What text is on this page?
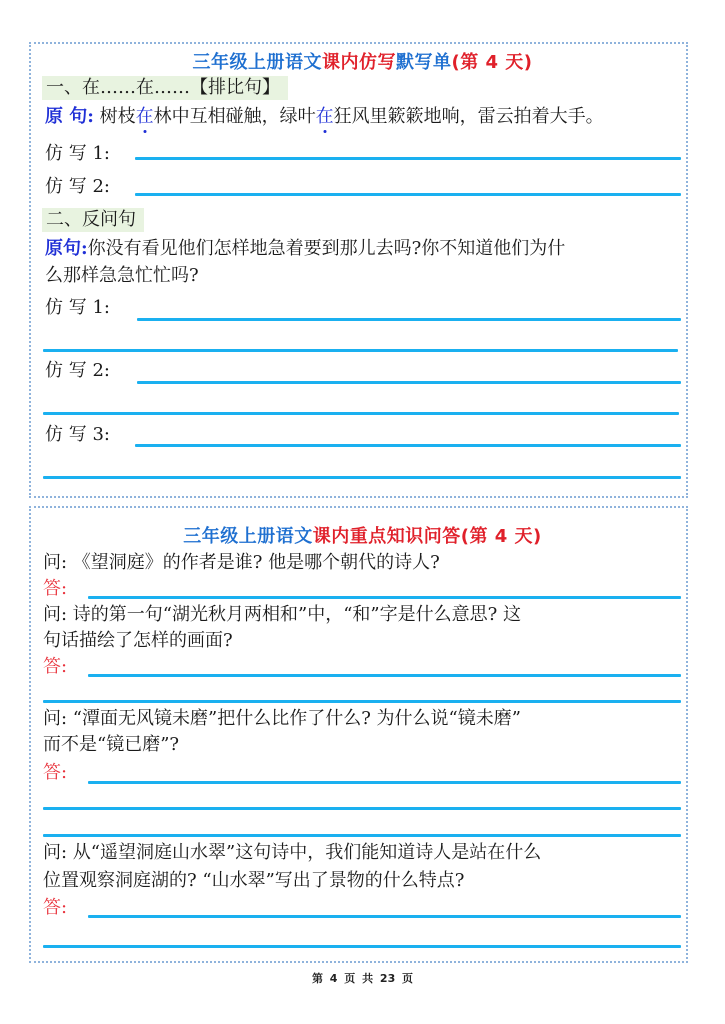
三年级上册语文课内仿写默写单(第 4 天)
一、在……在……【排比句】
原 句: 树枝在林中互相碰触，绿叶在狂风里簌簌地响，雷云拍着大手。
仿 写 1:
仿 写 2:
二、反问句
原句:你没有看见他们怎样地急着要到那儿去吗?你不知道他们为什
么那样急急忙忙吗?
仿 写 1:
仿 写 2:
仿 写 3:
三年级上册语文课内重点知识问答(第 4 天)
问: 《望洞庭》的作者是谁? 他是哪个朝代的诗人?
答:
问: 诗的第一句“湖光秋月两相和”中，“和”字是什么意思? 这
句话描绘了怎样的画面?
答:
问: “潭面无风镜未磨”把什么比作了什么? 为什么说“镜未磨”
而不是“镜已磨”?
答:
问: 从“遥望洞庭山水翠”这句诗中，我们能知道诗人是站在什么
位置观察洞庭湖的? “山水翠”写出了景物的什么特点?
答:
第 4 页 共 23 页
